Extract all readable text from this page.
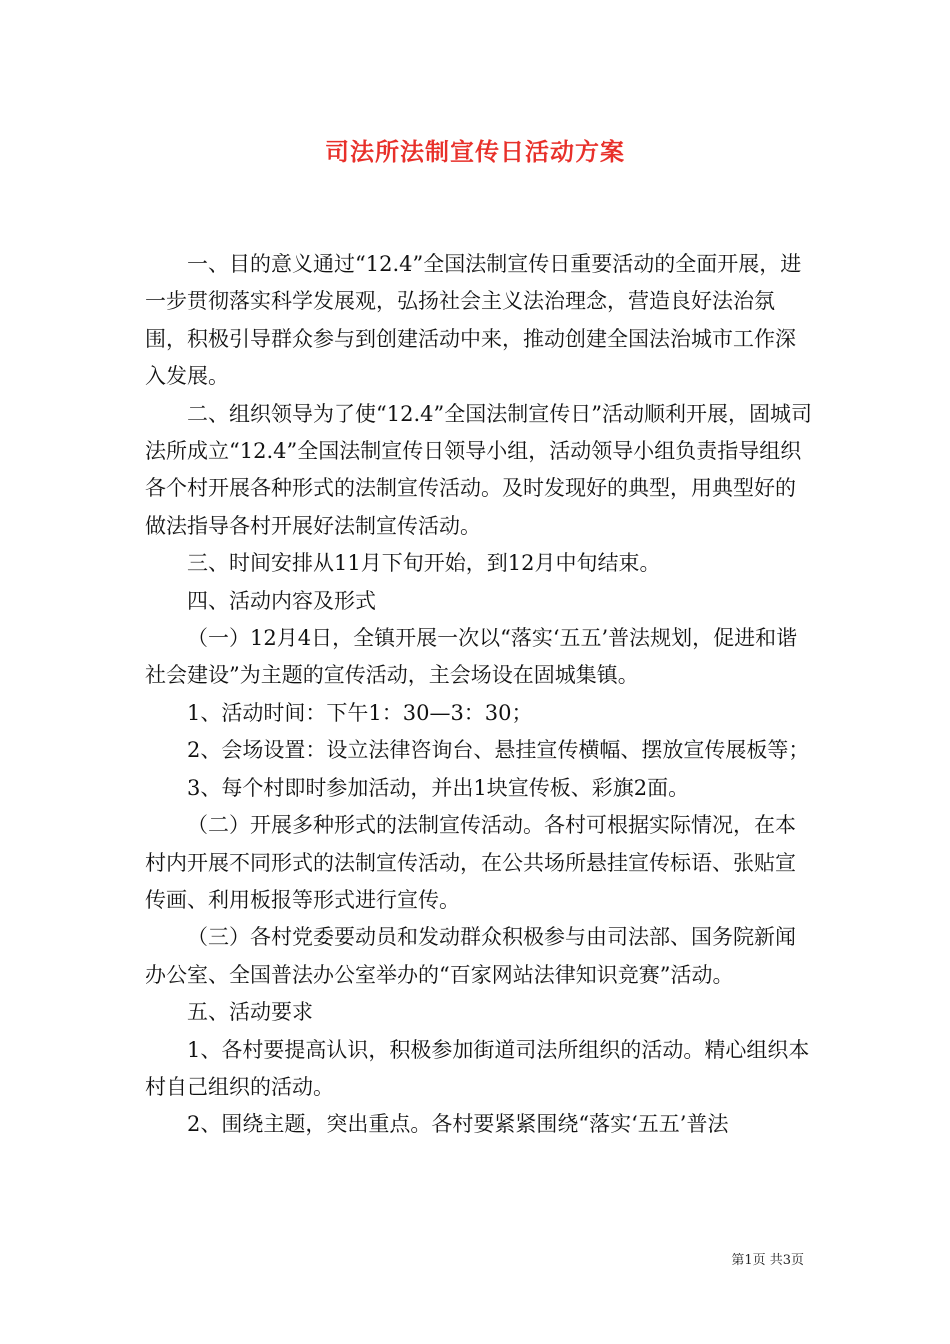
司法所法制宣传日活动方案

一、目的意义通过“12.4”全国法制宣传日重要活动的全面开展，进一步贯彻落实科学发展观，弘扬社会主义法治理念，营造良好法治氛围，积极引导群众参与到创建活动中来，推动创建全国法治城市工作深入发展。

二、组织领导为了使“12.4”全国法制宣传日”活动顺利开展，固城司法所成立“12.4”全国法制宣传日领导小组，活动领导小组负责指导组织各个村开展各种形式的法制宣传活动。及时发现好的典型，用典型好的做法指导各村开展好法制宣传活动。

三、时间安排从11月下旬开始，到12月中旬结束。

四、活动内容及形式

（一）12月4日，全镇开展一次以“落实‘五五’普法规划，促进和谐社会建设”为主题的宣传活动，主会场设在固城集镇。

1、活动时间：下午1：30—3：30；

2、会场设置：设立法律咨询台、悬挂宣传横幅、摆放宣传展板等；

3、每个村即时参加活动，并出1块宣传板、彩旗2面。

（二）开展多种形式的法制宣传活动。各村可根据实际情况，在本村内开展不同形式的法制宣传活动，在公共场所悬挂宣传标语、张贴宣传画、利用板报等形式进行宣传。

（三）各村党委要动员和发动群众积极参与由司法部、国务院新闻办公室、全国普法办公室举办的“百家网站法律知识竞赛”活动。

五、活动要求

1、各村要提高认识，积极参加街道司法所组织的活动。精心组织本村自己组织的活动。

2、围绕主题，突出重点。各村要紧紧围绕“落实‘五五’普法

第1页 共3页
